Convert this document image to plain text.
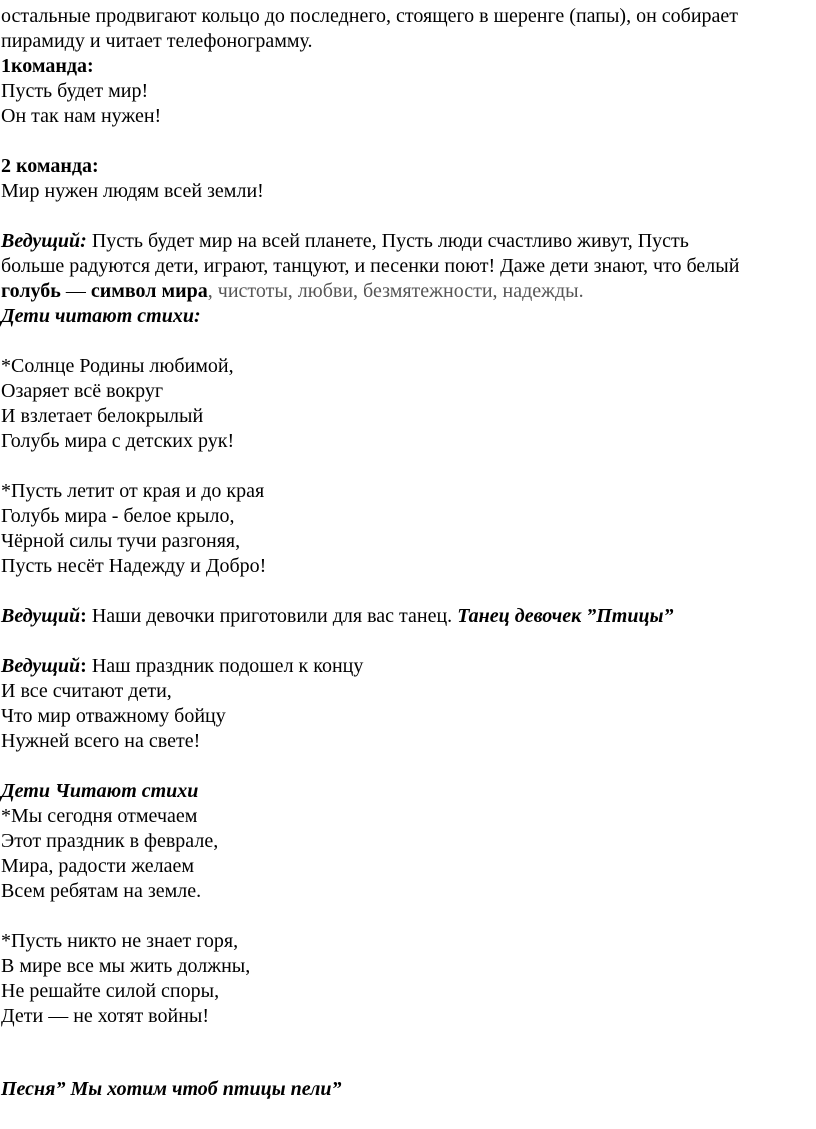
остальные продвигают кольцо до последнего, стоящего в шеренге (папы), он собирает

пирамиду и читает телефонограмму.

1команда:

Пусть будет мир!

Он так нам нужен!

2 команда:

Мир нужен людям всей земли!

Ведущий: Пусть будет мир на всей планете, Пусть люди счастливо живут, Пусть

больше радуются дети, играют, танцуют, и песенки поют! Даже дети знают, что белый

голубь — символ мира, чистоты, любви, безмятежности, надежды.

Дети читают стихи:

*Солнце Родины любимой,

Озаряет всё вокруг

И взлетает белокрылый

Голубь мира с детских рук!

*Пусть летит от края и до края

Голубь мира - белое крыло,

Чёрной силы тучи разгоняя,

Пусть несёт Надежду и Добро!

Ведущий: Наши девочки приготовили для вас танец. Танец девочек ”Птицы”

Ведущий: Наш праздник подошел к концу

И все считают дети,

Что мир отважному бойцу

Нужней всего на свете!

Дети Читают стихи

*Мы сегодня отмечаем

Этот праздник в феврале,

Мира, радости желаем

Всем ребятам на земле.

*Пусть никто не знает горя,

В мире все мы жить должны,

Не решайте силой споры,

Дети — не хотят войны!

Песня” Мы хотим чтоб птицы пели”
